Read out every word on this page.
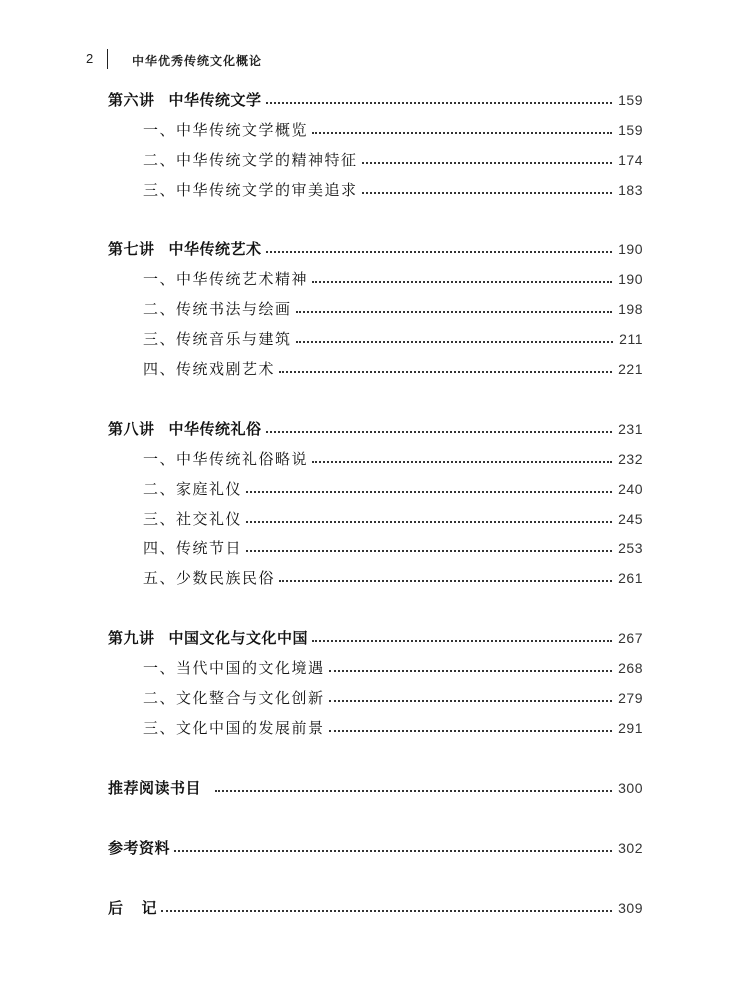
2	中华优秀传统文化概论
第六讲 中华传统文学	159
一、中华传统文学概览	159
二、中华传统文学的精神特征	174
三、中华传统文学的审美追求	183
第七讲 中华传统艺术	190
一、中华传统艺术精神	190
二、传统书法与绘画	198
三、传统音乐与建筑	211
四、传统戏剧艺术	221
第八讲 中华传统礼俗	231
一、中华传统礼俗略说	232
二、家庭礼仪	240
三、社交礼仪	245
四、传统节日	253
五、少数民族民俗	261
第九讲 中国文化与文化中国	267
一、当代中国的文化境遇	268
二、文化整合与文化创新	279
三、文化中国的发展前景	291
推荐阅读书目	300
参考资料	302
后 记	309
